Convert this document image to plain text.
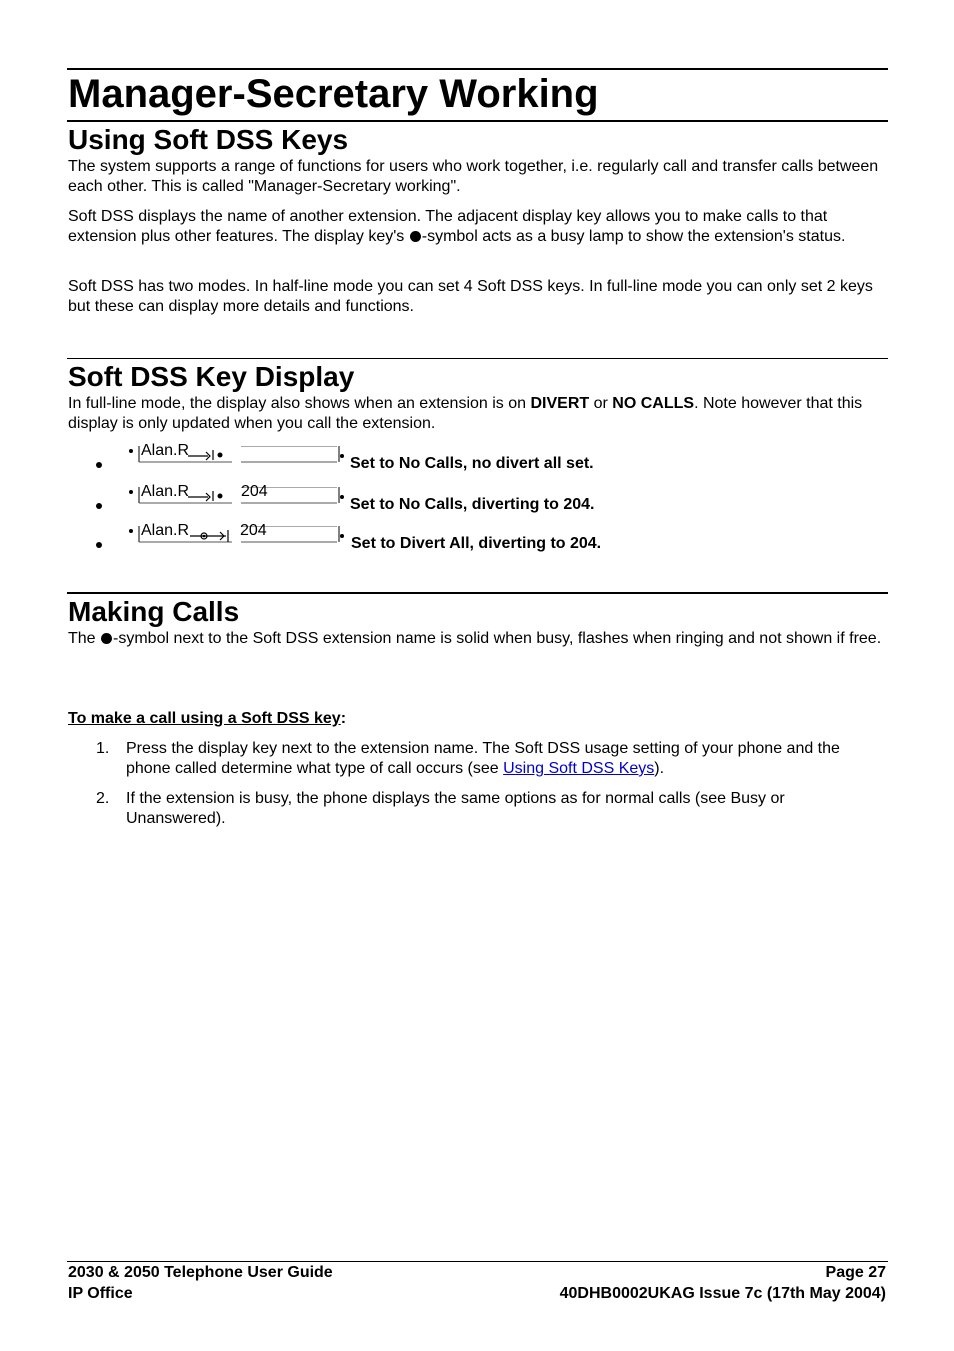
Manager-Secretary Working
Using Soft DSS Keys

The system supports a range of functions for users who work together, i.e. regularly call and transfer calls between each other. This is called "Manager-Secretary working".

Soft DSS displays the name of another extension. The adjacent display key allows you to make calls to that extension plus other features. The display key's -symbol acts as a busy lamp to show the extension's status.

Soft DSS has two modes. In half-line mode you can set 4 Soft DSS keys. In full-line mode you can only set 2 keys but these can display more details and functions.

Soft DSS Key Display

In full-line mode, the display also shows when an extension is on DIVERT or NO CALLS. Note however that this display is only updated when you call the extension.

Alan.R
Set to No Calls, no divert all set.
Alan.R	204
Set to No Calls, diverting to 204.
Alan.R	204
Set to Divert All, diverting to 204.
Making Calls

The -symbol next to the Soft DSS extension name is solid when busy, flashes when ringing and not shown if free.

To make a call using a Soft DSS key:
1. Press the display key next to the extension name. The Soft DSS usage setting of your phone and the phone called determine what type of call occurs (see Using Soft DSS Keys).
2. If the extension is busy, the phone displays the same options as for normal calls (see Busy or Unanswered).
2030 & 2050 Telephone User Guide
IP Office
Page 27
40DHB0002UKAG Issue 7c (17th May 2004)
